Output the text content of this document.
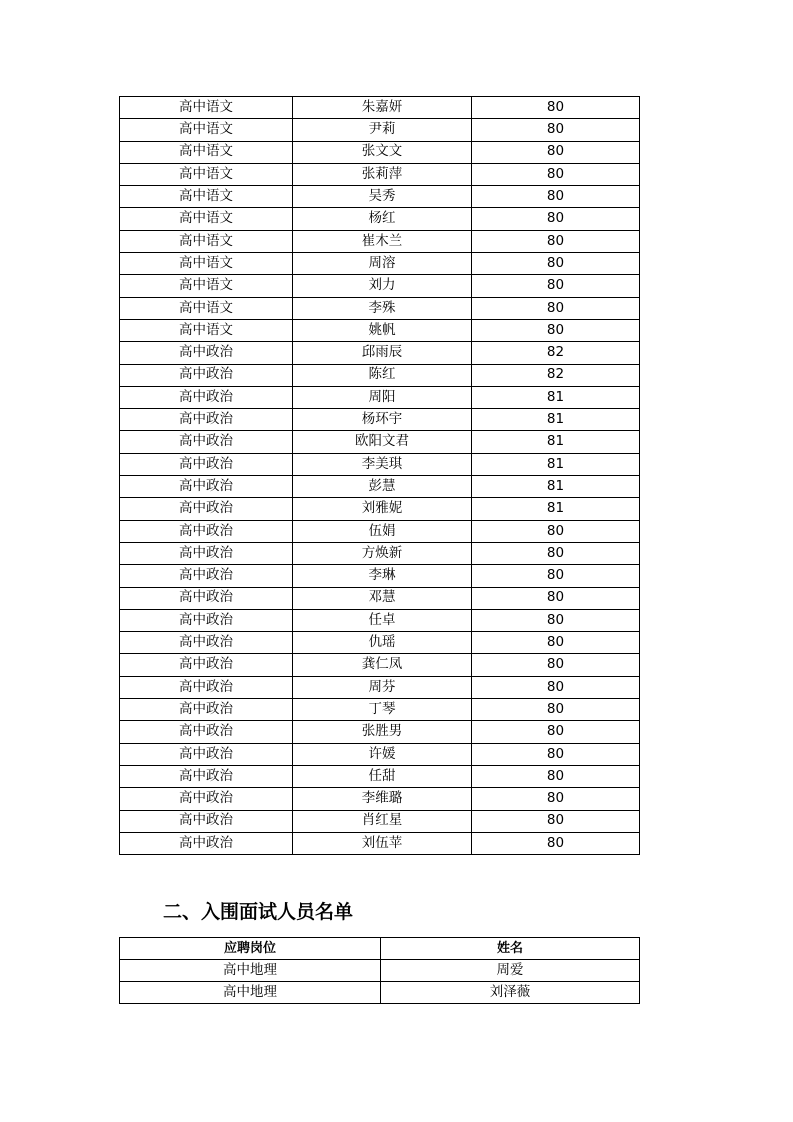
高中语文	朱嘉妍	80
高中语文	尹莉	80
高中语文	张文文	80
高中语文	张莉萍	80
高中语文	吴秀	80
高中语文	杨红	80
高中语文	崔木兰	80
高中语文	周溶	80
高中语文	刘力	80
高中语文	李殊	80
高中语文	姚帆	80
高中政治	邱雨辰	82
高中政治	陈红	82
高中政治	周阳	81
高中政治	杨环宇	81
高中政治	欧阳文君	81
高中政治	李美琪	81
高中政治	彭慧	81
高中政治	刘雅妮	81
高中政治	伍娟	80
高中政治	方焕新	80
高中政治	李琳	80
高中政治	邓慧	80
高中政治	任卓	80
高中政治	仇瑶	80
高中政治	龚仁凤	80
高中政治	周芬	80
高中政治	丁琴	80
高中政治	张胜男	80
高中政治	许媛	80
高中政治	任甜	80
高中政治	李维璐	80
高中政治	肖红星	80
高中政治	刘伍苹	80
二、入围面试人员名单
应聘岗位	姓名
高中地理	周爱
高中地理	刘泽薇
